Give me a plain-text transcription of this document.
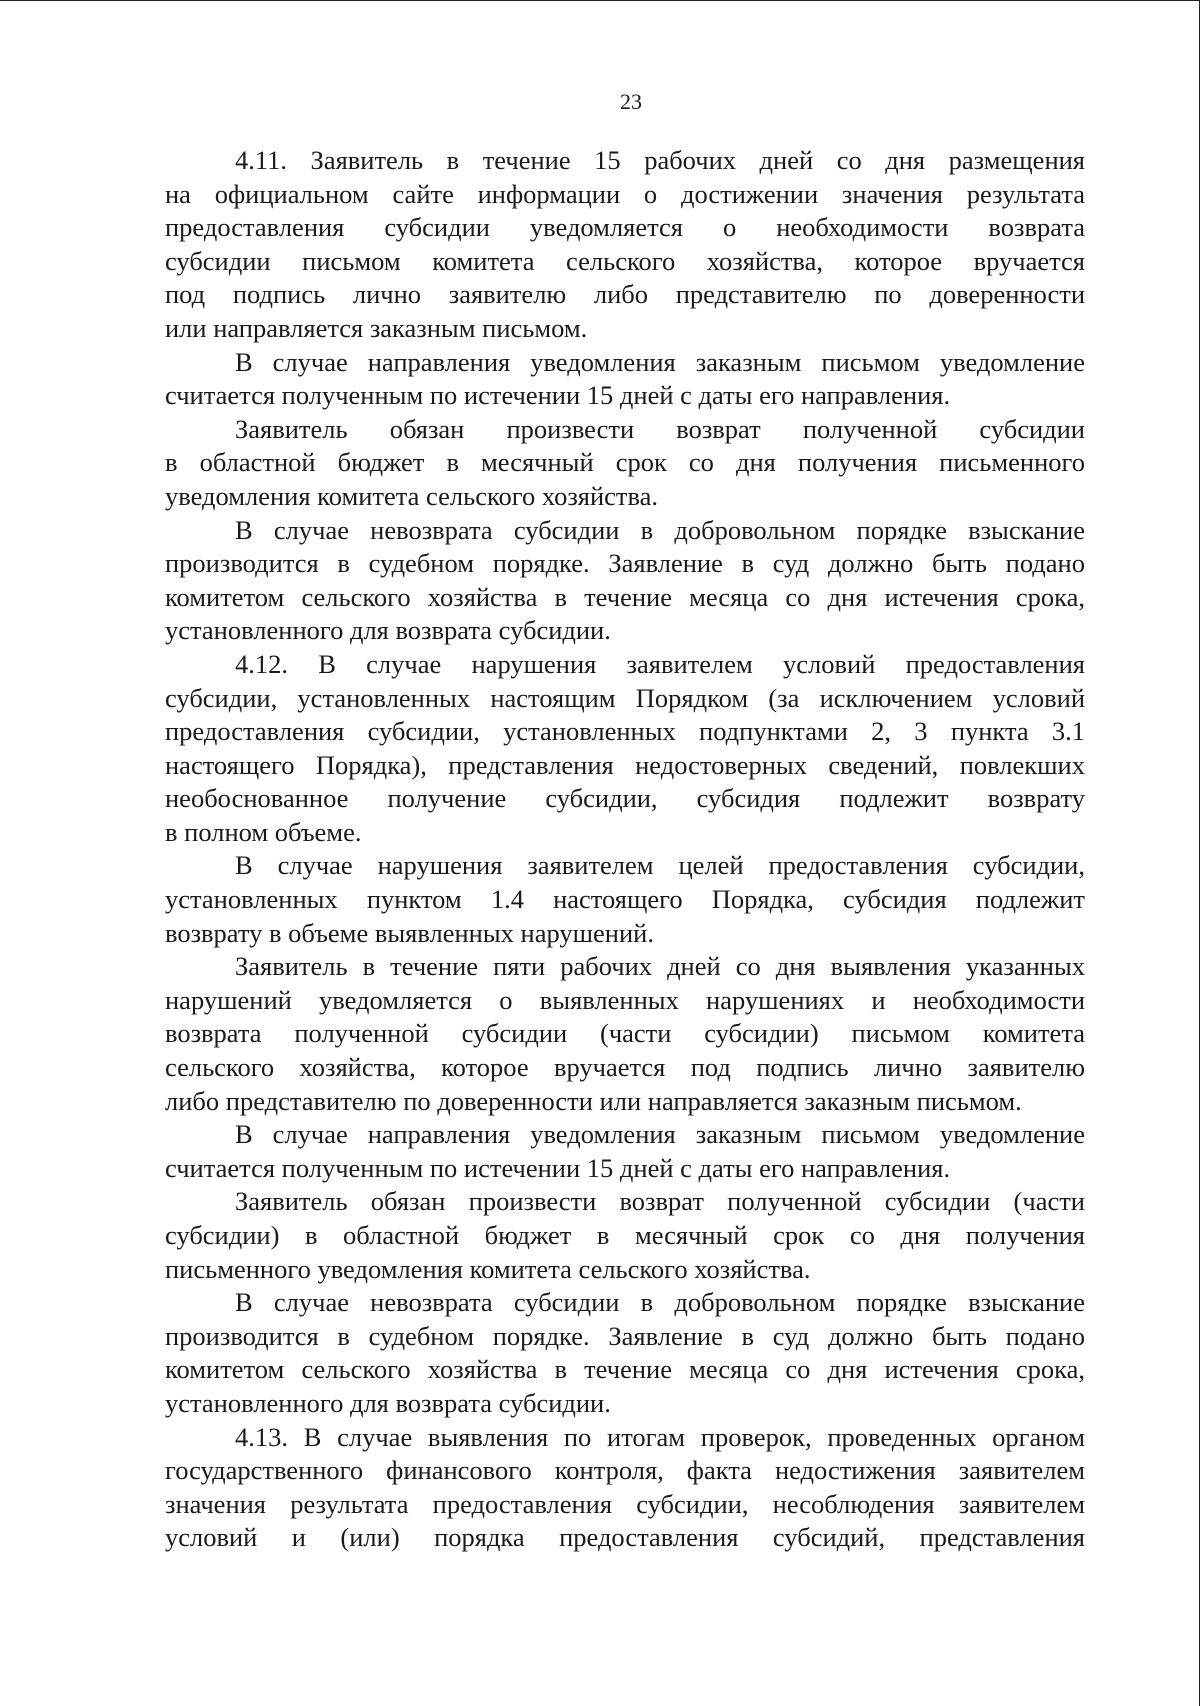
23
4.11. Заявитель в течение 15 рабочих дней со дня размещения
на официальном сайте информации о достижении значения результата
предоставления субсидии уведомляется о необходимости возврата
субсидии письмом комитета сельского хозяйства, которое вручается
под подпись лично заявителю либо представителю по доверенности
или направляется заказным письмом.
В случае направления уведомления заказным письмом уведомление
считается полученным по истечении 15 дней с даты его направления.
Заявитель обязан произвести возврат полученной субсидии
в областной бюджет в месячный срок со дня получения письменного
уведомления комитета сельского хозяйства.
В случае невозврата субсидии в добровольном порядке взыскание
производится в судебном порядке. Заявление в суд должно быть подано
комитетом сельского хозяйства в течение месяца со дня истечения срока,
установленного для возврата субсидии.
4.12. В случае нарушения заявителем условий предоставления
субсидии, установленных настоящим Порядком (за исключением условий
предоставления субсидии, установленных подпунктами 2, 3 пункта 3.1
настоящего Порядка), представления недостоверных сведений, повлекших
необоснованное получение субсидии, субсидия подлежит возврату
в полном объеме.
В случае нарушения заявителем целей предоставления субсидии,
установленных пунктом 1.4 настоящего Порядка, субсидия подлежит
возврату в объеме выявленных нарушений.
Заявитель в течение пяти рабочих дней со дня выявления указанных
нарушений уведомляется о выявленных нарушениях и необходимости
возврата полученной субсидии (части субсидии) письмом комитета
сельского хозяйства, которое вручается под подпись лично заявителю
либо представителю по доверенности или направляется заказным письмом.
В случае направления уведомления заказным письмом уведомление
считается полученным по истечении 15 дней с даты его направления.
Заявитель обязан произвести возврат полученной субсидии (части
субсидии) в областной бюджет в месячный срок со дня получения
письменного уведомления комитета сельского хозяйства.
В случае невозврата субсидии в добровольном порядке взыскание
производится в судебном порядке. Заявление в суд должно быть подано
комитетом сельского хозяйства в течение месяца со дня истечения срока,
установленного для возврата субсидии.
4.13. В случае выявления по итогам проверок, проведенных органом
государственного финансового контроля, факта недостижения заявителем
значения результата предоставления субсидии, несоблюдения заявителем
условий и (или) порядка предоставления субсидий, представления
